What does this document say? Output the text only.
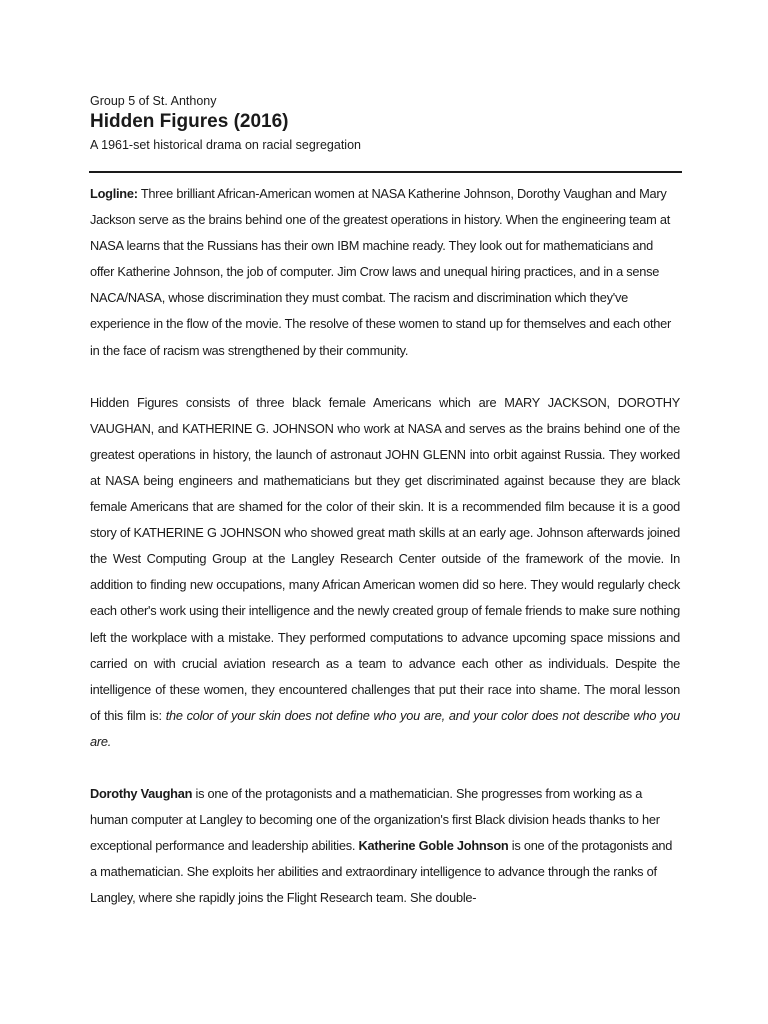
Group 5 of St. Anthony
Hidden Figures (2016)
A 1961-set historical drama on racial segregation

Logline: Three brilliant African-American women at NASA Katherine Johnson, Dorothy Vaughan and Mary Jackson serve as the brains behind one of the greatest operations in history. When the engineering team at NASA learns that the Russians has their own IBM machine ready. They look out for mathematicians and offer Katherine Johnson, the job of computer. Jim Crow laws and unequal hiring practices, and in a sense NACA/NASA, whose discrimination they must combat. The racism and discrimination which they've experience in the flow of the movie. The resolve of these women to stand up for themselves and each other in the face of racism was strengthened by their community.

Hidden Figures consists of three black female Americans which are MARY JACKSON, DOROTHY VAUGHAN, and KATHERINE G. JOHNSON who work at NASA and serves as the brains behind one of the greatest operations in history, the launch of astronaut JOHN GLENN into orbit against Russia. They worked at NASA being engineers and mathematicians but they get discriminated against because they are black female Americans that are shamed for the color of their skin. It is a recommended film because it is a good story of KATHERINE G JOHNSON who showed great math skills at an early age. Johnson afterwards joined the West Computing Group at the Langley Research Center outside of the framework of the movie. In addition to finding new occupations, many African American women did so here. They would regularly check each other's work using their intelligence and the newly created group of female friends to make sure nothing left the workplace with a mistake. They performed computations to advance upcoming space missions and carried on with crucial aviation research as a team to advance each other as individuals. Despite the intelligence of these women, they encountered challenges that put their race into shame. The moral lesson of this film is: the color of your skin does not define who you are, and your color does not describe who you are.

Dorothy Vaughan is one of the protagonists and a mathematician. She progresses from working as a human computer at Langley to becoming one of the organization's first Black division heads thanks to her exceptional performance and leadership abilities. Katherine Goble Johnson is one of the protagonists and a mathematician. She exploits her abilities and extraordinary intelligence to advance through the ranks of Langley, where she rapidly joins the Flight Research team. She double-
